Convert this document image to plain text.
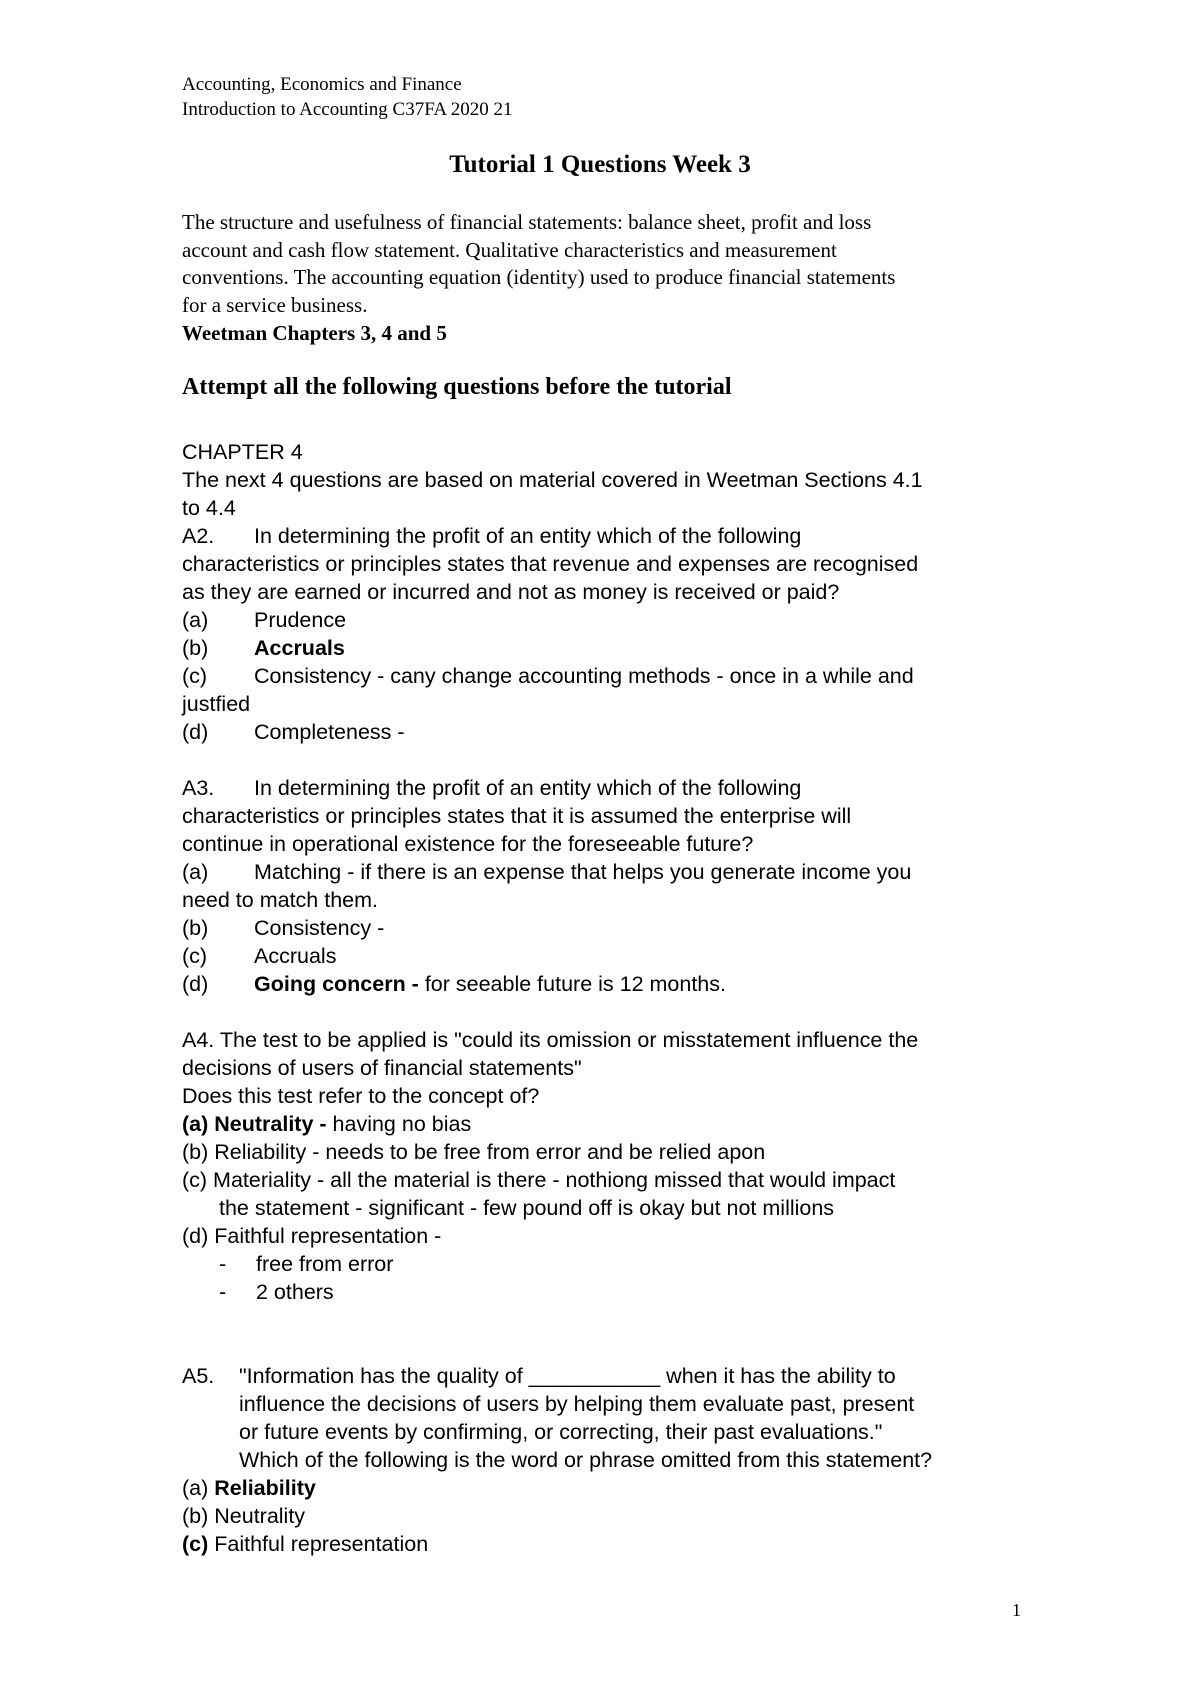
Accounting, Economics and Finance
Introduction to Accounting C37FA 2020 21
Tutorial 1 Questions Week 3
The structure and usefulness of financial statements: balance sheet, profit and loss
account and cash flow statement. Qualitative characteristics and measurement
conventions. The accounting equation (identity) used to produce financial statements
for a service business.
Weetman Chapters 3, 4 and 5
Attempt all the following questions before the tutorial
CHAPTER 4
The next 4 questions are based on material covered in Weetman Sections 4.1
to 4.4
A2. In determining the profit of an entity which of the following
characteristics or principles states that revenue and expenses are recognised
as they are earned or incurred and not as money is received or paid?
(a) Prudence
(b) Accruals
(c) Consistency - cany change accounting methods - once in a while and
justfied
(d) Completeness -
A3. In determining the profit of an entity which of the following
characteristics or principles states that it is assumed the enterprise will
continue in operational existence for the foreseeable future?
(a) Matching - if there is an expense that helps you generate income you
need to match them.
(b) Consistency -
(c) Accruals
(d) Going concern - for seeable future is 12 months.
A4. The test to be applied is "could its omission or misstatement influence the
decisions of users of financial statements"
Does this test refer to the concept of?
(a) Neutrality - having no bias
(b) Reliability - needs to be free from error and be relied apon
(c) Materiality - all the material is there - nothiong missed that would impact
the statement - significant - few pound off is okay but not millions
(d) Faithful representation -
- free from error
- 2 others
A5. "Information has the quality of ___________ when it has the ability to
influence the decisions of users by helping them evaluate past, present
or future events by confirming, or correcting, their past evaluations."
Which of the following is the word or phrase omitted from this statement?
(a) Reliability
(b) Neutrality
(c) Faithful representation
1
